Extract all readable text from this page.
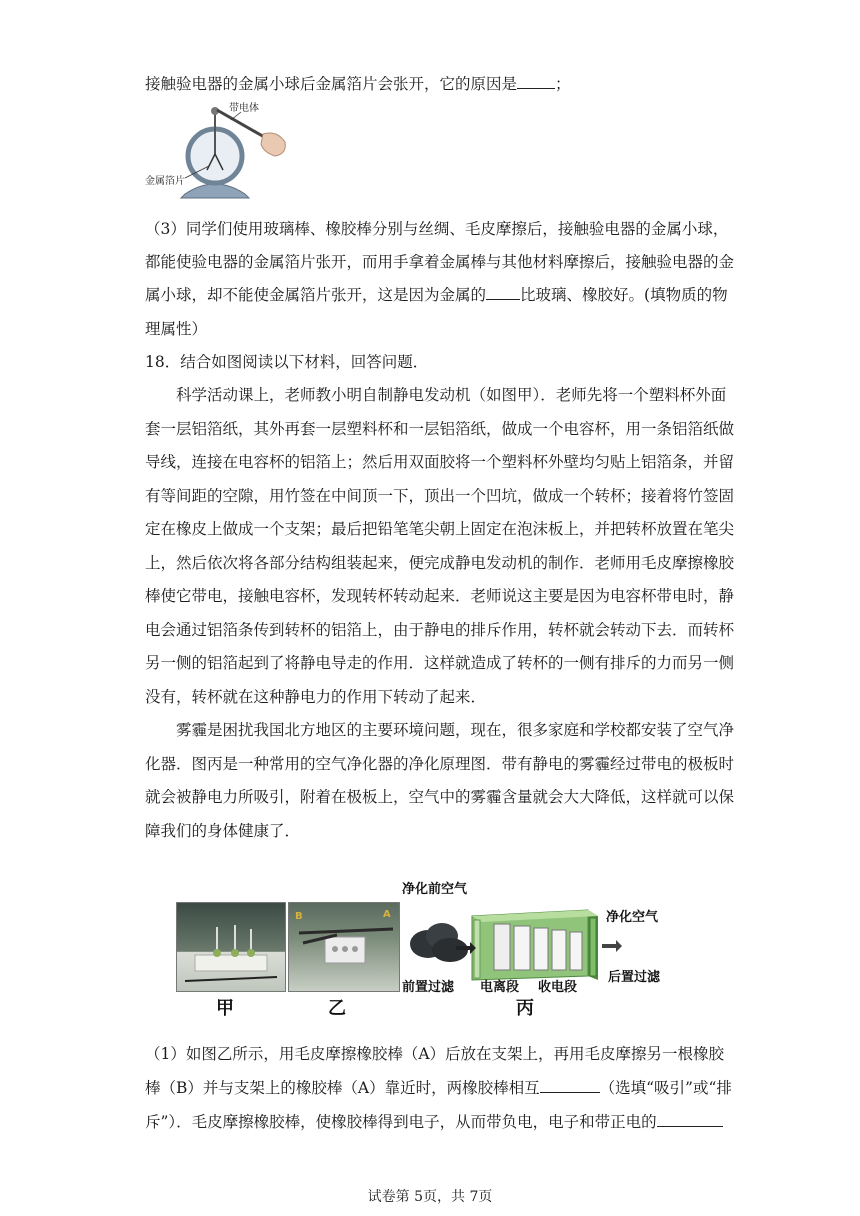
接触验电器的金属小球后金属箔片会张开，它的原因是 ；
带电体
金属箔片
（3）同学们使用玻璃棒、橡胶棒分别与丝绸、毛皮摩擦后，接触验电器的金属小球，
都能使验电器的金属箔片张开，而用手拿着金属棒与其他材料摩擦后，接触验电器的金
属小球，却不能使金属箔片张开，这是因为金属的 比玻璃、橡胶好。(填物质的物
理属性）
18．结合如图阅读以下材料，回答问题．
科学活动课上，老师教小明自制静电发动机（如图甲）．老师先将一个塑料杯外面
套一层铝箔纸，其外再套一层塑料杯和一层铝箔纸，做成一个电容杯，用一条铝箔纸做
导线，连接在电容杯的铝箔上；然后用双面胶将一个塑料杯外壁均匀贴上铝箔条，并留
有等间距的空隙，用竹签在中间顶一下，顶出一个凹坑，做成一个转杯；接着将竹签固
定在橡皮上做成一个支架；最后把铅笔笔尖朝上固定在泡沫板上，并把转杯放置在笔尖
上，然后依次将各部分结构组装起来，便完成静电发动机的制作．老师用毛皮摩擦橡胶
棒使它带电，接触电容杯，发现转杯转动起来．老师说这主要是因为电容杯带电时，静
电会通过铝箔条传到转杯的铝箔上，由于静电的排斥作用，转杯就会转动下去．而转杯
另一侧的铝箔起到了将静电导走的作用．这样就造成了转杯的一侧有排斥的力而另一侧
没有，转杯就在这种静电力的作用下转动了起来．
雾霾是困扰我国北方地区的主要环境问题，现在，很多家庭和学校都安装了空气净
化器．图丙是一种常用的空气净化器的净化原理图．带有静电的雾霾经过带电的极板时
就会被静电力所吸引，附着在极板上，空气中的雾霾含量就会大大降低，这样就可以保
障我们的身体健康了．
甲
B	A
乙
净化前空气
净化空气
前置过滤 电离段 收电段
后置过滤
丙
（1）如图乙所示，用毛皮摩擦橡胶棒（A）后放在支架上，再用毛皮摩擦另一根橡胶
棒（B）并与支架上的橡胶棒（A）靠近时，两橡胶棒相互	（选填“吸引”或“排
斥”）．毛皮摩擦橡胶棒，使橡胶棒得到电子，从而带负电，电子和带正电的
试卷第 5页，共 7页
